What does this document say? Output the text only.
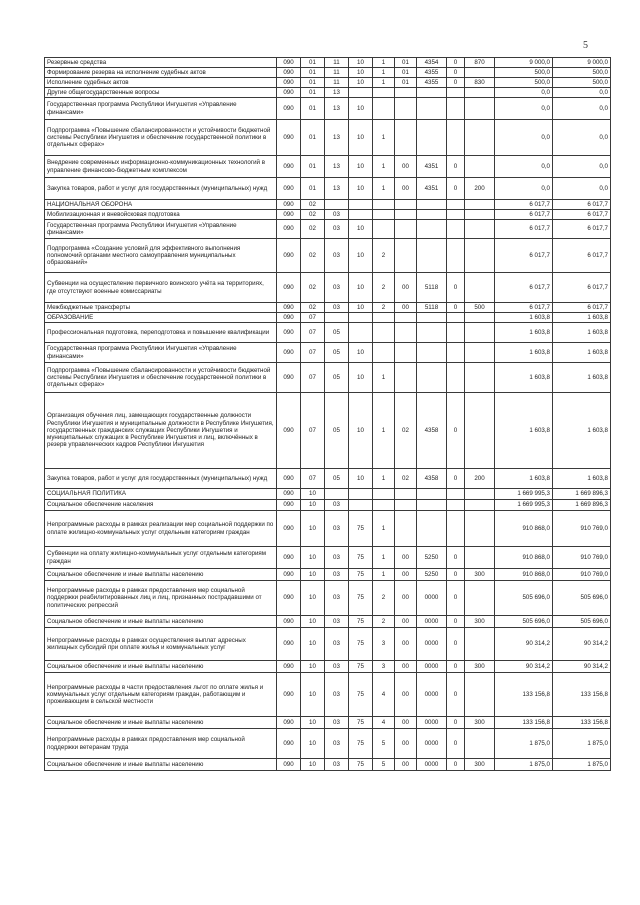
5
Резервные средства	090	01	11	10	1	01	4354	0	870	9 000,0	9 000,0
Формирование резерва на исполнение судебных актов	090	01	11	10	1	01	4355	0		500,0	500,0
Исполнение судебных актов	090	01	11	10	1	01	4355	0	830	500,0	500,0
Другие общегосударственные вопросы	090	01	13							0,0	0,0
Государственная программа Республики Ингушетия «Управление финансами»	090	01	13	10						0,0	0,0
Подпрограмма «Повышение сбалансированности и устойчивости бюджетной системы Республики Ингушетия и обеспечение государственной политики в отдельных сферах»	090	01	13	10	1					0,0	0,0
Внедрение современных информационно-коммуникационных технологий в управление финансово-бюджетным комплексом	090	01	13	10	1	00	4351	0		0,0	0,0
Закупка товаров, работ и услуг для государственных (муниципальных) нужд	090	01	13	10	1	00	4351	0	200	0,0	0,0
НАЦИОНАЛЬНАЯ ОБОРОНА	090	02								6 017,7	6 017,7
Мобилизационная и вневойсковая подготовка	090	02	03							6 017,7	6 017,7
Государственная программа Республики Ингушетия «Управление финансами»	090	02	03	10						6 017,7	6 017,7
Подпрограмма «Создание условий для эффективного выполнения полномочий органами местного самоуправления муниципальных образований»	090	02	03	10	2					6 017,7	6 017,7
Субвенции на осуществление первичного воинского учёта на территориях, где отсутствуют военные комиссариаты	090	02	03	10	2	00	5118	0		6 017,7	6 017,7
Межбюджетные трансферты	090	02	03	10	2	00	5118	0	500	6 017,7	6 017,7
ОБРАЗОВАНИЕ	090	07								1 603,8	1 603,8
Профессиональная подготовка, переподготовка и повышение квалификации	090	07	05							1 603,8	1 603,8
Государственная программа Республики Ингушетия «Управление финансами»	090	07	05	10						1 603,8	1 603,8
Подпрограмма «Повышение сбалансированности и устойчивости бюджетной системы Республики Ингушетия и обеспечение государственной политики в отдельных сферах»	090	07	05	10	1					1 603,8	1 603,8
Организация обучения лиц, замещающих государственные должности Республики Ингушетия и муниципальные должности в Республике Ингушетия, государственных гражданских служащих Республики Ингушетия и муниципальных служащих в Республике Ингушетия и лиц, включённых в резерв управленческих кадров Республики Ингушетия	090	07	05	10	1	02	4358	0		1 603,8	1 603,8
Закупка товаров, работ и услуг для государственных (муниципальных) нужд	090	07	05	10	1	02	4358	0	200	1 603,8	1 603,8
СОЦИАЛЬНАЯ ПОЛИТИКА	090	10								1 669 995,3	1 669 896,3
Социальное обеспечение населения	090	10	03							1 669 995,3	1 669 896,3
Непрограммные расходы в рамках реализации мер социальной поддержки по оплате жилищно-коммунальных услуг отдельным категориям граждан	090	10	03	75	1					910 868,0	910 769,0
Субвенции на оплату жилищно-коммунальных услуг отдельным категориям граждан	090	10	03	75	1	00	5250	0		910 868,0	910 769,0
Социальное обеспечение и иные выплаты населению	090	10	03	75	1	00	5250	0	300	910 868,0	910 769,0
Непрограммные расходы в рамках предоставления мер социальной поддержки реабилитированных лиц и лиц, признанных пострадавшими от политических репрессий	090	10	03	75	2	00	0000	0		505 696,0	505 696,0
Социальное обеспечение и иные выплаты населению	090	10	03	75	2	00	0000	0	300	505 696,0	505 696,0
Непрограммные расходы в рамках осуществления выплат адресных жилищных субсидий при оплате жилья и коммунальных услуг	090	10	03	75	3	00	0000	0		90 314,2	90 314,2
Социальное обеспечение и иные выплаты населению	090	10	03	75	3	00	0000	0	300	90 314,2	90 314,2
Непрограммные расходы в части предоставления льгот по оплате жилья и коммунальных услуг отдельным категориям граждан, работающим и проживающим в сельской местности	090	10	03	75	4	00	0000	0		133 156,8	133 156,8
Социальное обеспечение и иные выплаты населению	090	10	03	75	4	00	0000	0	300	133 156,8	133 156,8
Непрограммные расходы в рамках предоставления мер социальной поддержки ветеранам труда	090	10	03	75	5	00	0000	0		1 875,0	1 875,0
Социальное обеспечение и иные выплаты населению	090	10	03	75	5	00	0000	0	300	1 875,0	1 875,0
